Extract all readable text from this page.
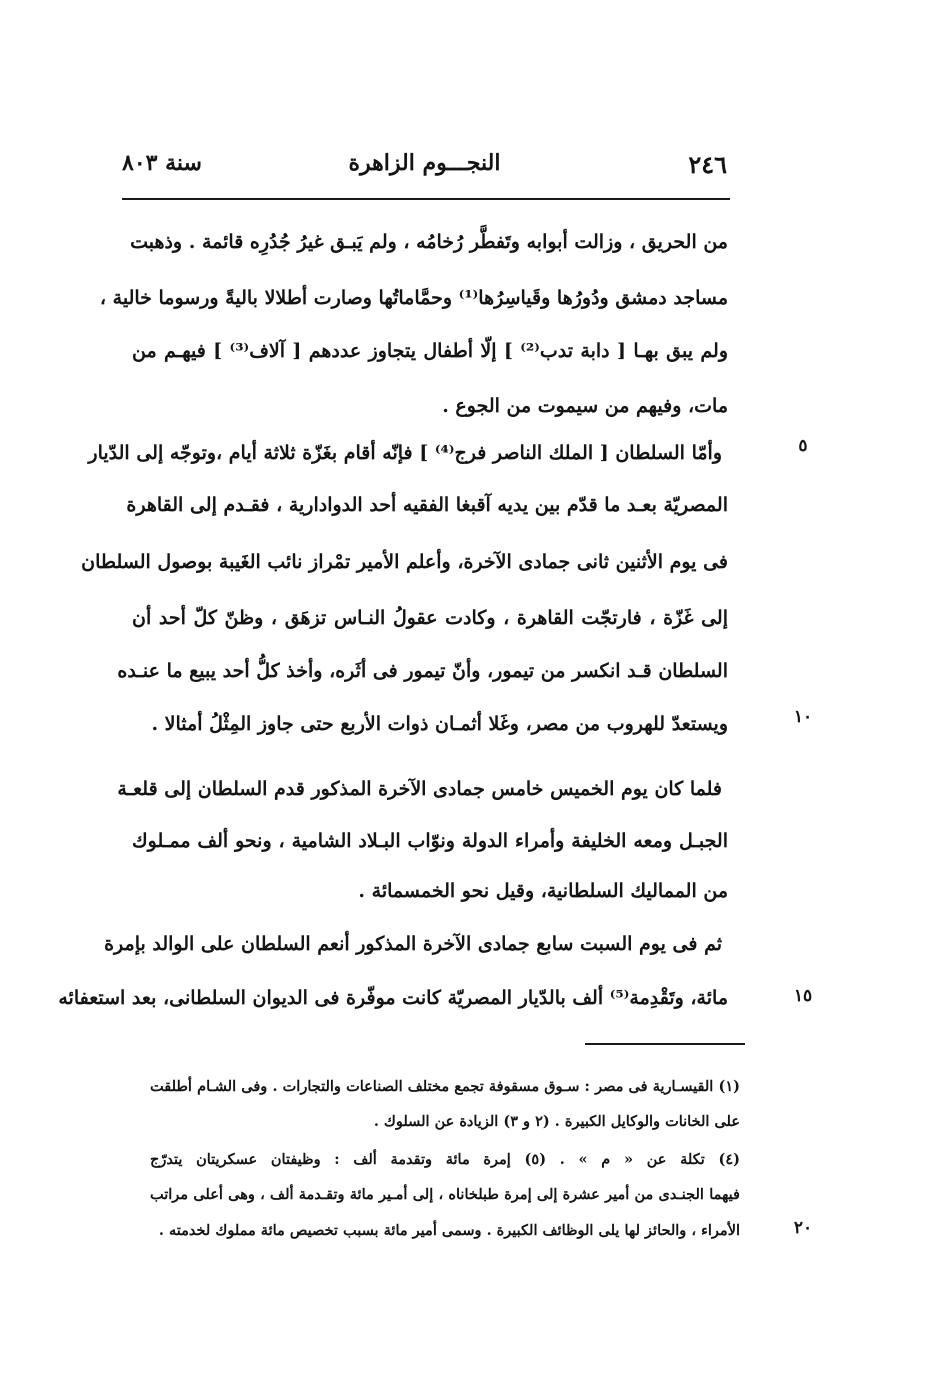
٢٤٦
النجـــوم الزاهرة
سنة ٨٠٣
من الحريق ، وزالت أبوابه وتَفطَّر رُخامُه ، ولم يَبـق غيرُ جُدُرِه قائمة . وذهبت
مساجد دمشق ودُورُها وقَياسِرُها⁽¹⁾ وحمَّاماتُها وصارت أطلالا باليةً ورسوما خالية ،
ولم يبق بهـا [ دابة تدب⁽²⁾ ] إلّا أطفال يتجاوز عددهم [ آلاف⁽³⁾ ] فيهـم من
مات، وفيهم من سيموت من الجوع .
وأمّا السلطان [ الملك الناصر فرج⁽⁴⁾ ] فإنّه أقام بغَزّة ثلاثة أيام ،وتوجّه إلى الدّيار
المصريّة بعـد ما قدّم بين يديه آقبغا الفقيه أحد الدوادارية ، فقـدم إلى القاهرة
فى يوم الأثنين ثانى جمادى الآخرة، وأعلم الأمير تمْراز نائب الغَيبة بوصول السلطان
إلى غَزّة ، فارتجّت القاهرة ، وكادت عقولُ النـاس تزهَق ، وظنّ كلّ أحد أن
السلطان قـد انكسر من تيمور، وأنّ تيمور فى أثَره، وأخذ كلُّ أحد يبيع ما عنـده
ويستعدّ للهروب من مصر، وغَلا أثمـان ذوات الأربع حتى جاوز المِثْلُ أمثالا .
فلما كان يوم الخميس خامس جمادى الآخرة المذكور قدم السلطان إلى قلعـة
الجبـل ومعه الخليفة وأمراء الدولة ونوّاب البـلاد الشامية ، ونحو ألف ممـلوك
من المماليك السلطانية، وقيل نحو الخمسمائة .
ثم فى يوم السبت سابع جمادى الآخرة المذكور أنعم السلطان على الوالد بإمرة
مائة، وتَقْدِمة⁽⁵⁾ ألف بالدّيار المصريّة كانت موفّرة فى الديوان السلطانى، بعد استعفائه
٥
١٠
١٥
٢٠
(١) القيسـارية فى مصر : سـوق مسقوفة تجمع مختلف الصناعات والتجارات . وفى الشـام أطلقت
على الخانات والوكايل الكبيرة . (٢ و ٣) الزيادة عن السلوك .
(٤) تكلة عن « م » . (٥) إمرة مائة وتقدمة ألف : وظيفتان عسكريتان يتدرّج
فيهما الجنـدى من أمير عشرة إلى إمرة طبلخاناه ، إلى أمـير مائة وتقـدمة ألف ، وهى أعلى مراتب
الأمراء ، والحائز لها يلى الوظائف الكبيرة . وسمى أمير مائة بسبب تخصيص مائة مملوك لخدمته .
